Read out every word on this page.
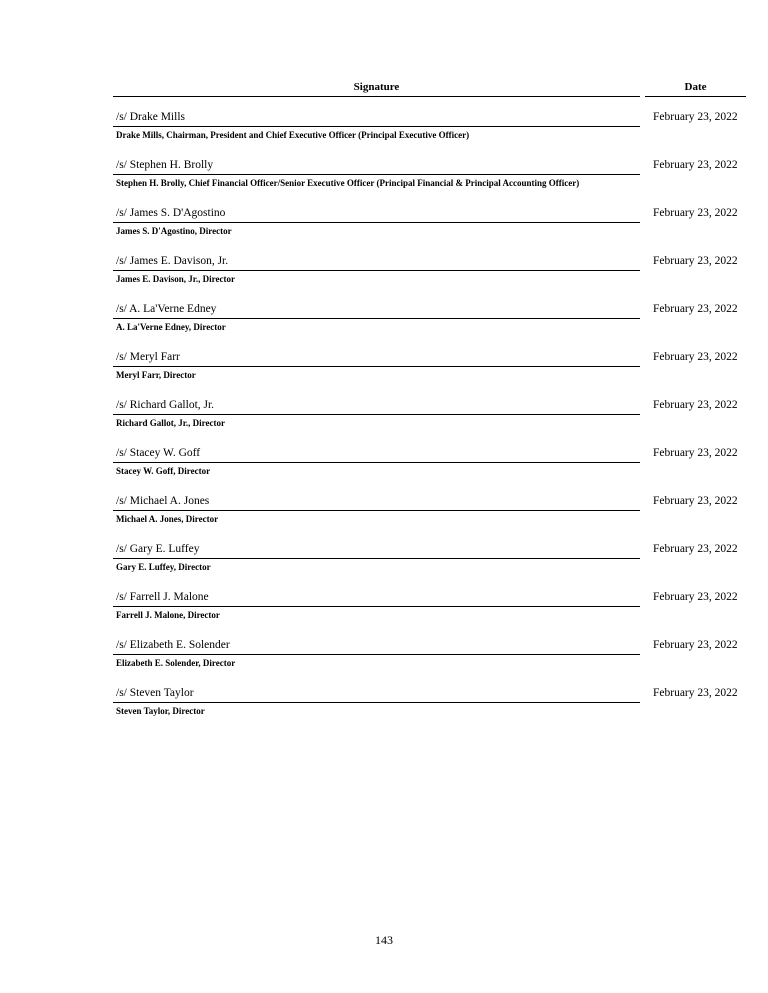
Signature	Date
/s/ Drake Mills	February 23, 2022
Drake Mills, Chairman, President and Chief Executive Officer (Principal Executive Officer)
/s/ Stephen H. Brolly	February 23, 2022
Stephen H. Brolly, Chief Financial Officer/Senior Executive Officer (Principal Financial & Principal Accounting Officer)
/s/ James S. D'Agostino	February 23, 2022
James S. D'Agostino, Director
/s/ James E. Davison, Jr.	February 23, 2022
James E. Davison, Jr., Director
/s/ A. La'Verne Edney	February 23, 2022
A. La'Verne Edney, Director
/s/ Meryl Farr	February 23, 2022
Meryl Farr, Director
/s/ Richard Gallot, Jr.	February 23, 2022
Richard Gallot, Jr., Director
/s/ Stacey W. Goff	February 23, 2022
Stacey W. Goff, Director
/s/ Michael A. Jones	February 23, 2022
Michael A. Jones, Director
/s/ Gary E. Luffey	February 23, 2022
Gary E. Luffey, Director
/s/ Farrell J. Malone	February 23, 2022
Farrell J. Malone, Director
/s/ Elizabeth E. Solender	February 23, 2022
Elizabeth E. Solender, Director
/s/ Steven Taylor	February 23, 2022
Steven Taylor, Director
143
